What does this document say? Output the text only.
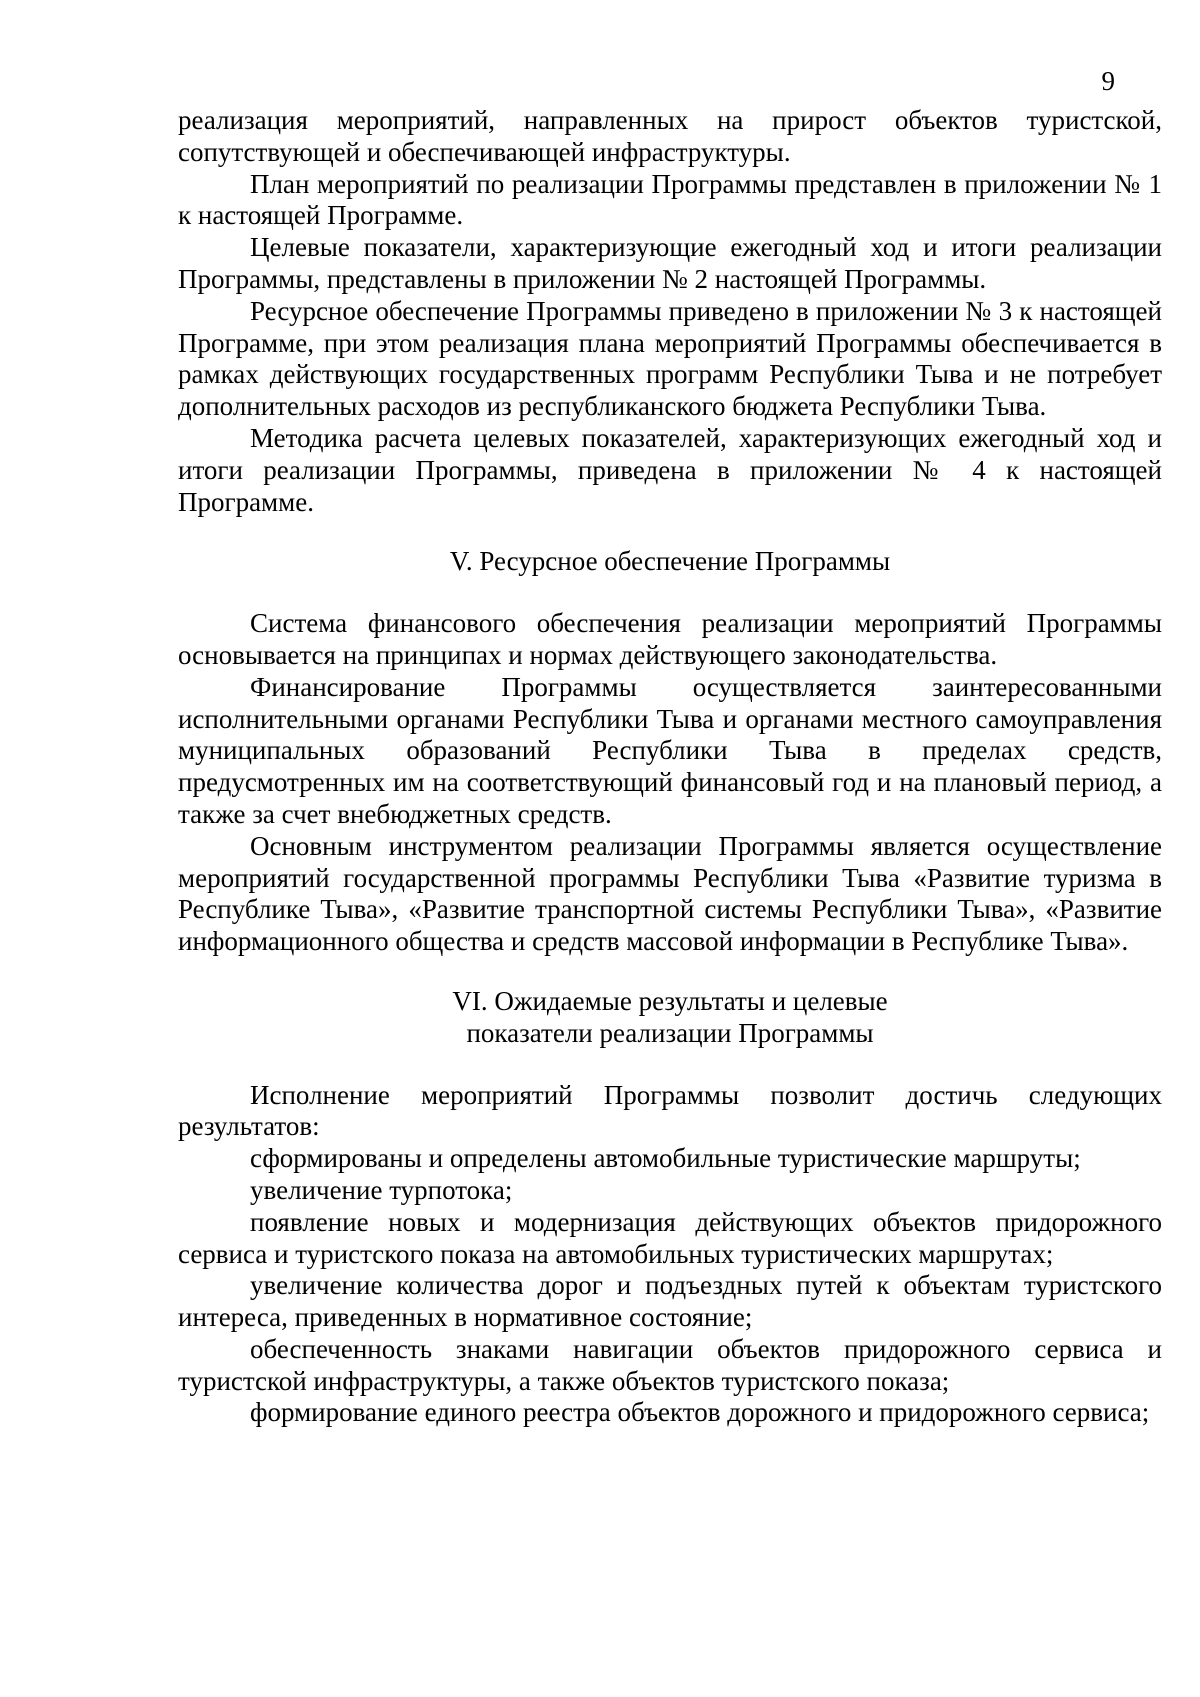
9

реализация мероприятий, направленных на прирост объектов туристской, сопутствующей и обеспечивающей инфраструктуры.

План мероприятий по реализации Программы представлен в приложении № 1 к настоящей Программе.

Целевые показатели, характеризующие ежегодный ход и итоги реализации Программы, представлены в приложении № 2 настоящей Программы.

Ресурсное обеспечение Программы приведено в приложении № 3 к настоящей Программе, при этом реализация плана мероприятий Программы обеспечивается в рамках действующих государственных программ Республики Тыва и не потребует дополнительных расходов из республиканского бюджета Республики Тыва.

Методика расчета целевых показателей, характеризующих ежегодный ход и итоги реализации Программы, приведена в приложении № 4 к настоящей Программе.

V. Ресурсное обеспечение Программы

Система финансового обеспечения реализации мероприятий Программы основывается на принципах и нормах действующего законодательства.

Финансирование Программы осуществляется заинтересованными исполнительными органами Республики Тыва и органами местного самоуправления муниципальных образований Республики Тыва в пределах средств, предусмотренных им на соответствующий финансовый год и на плановый период, а также за счет внебюджетных средств.

Основным инструментом реализации Программы является осуществление мероприятий государственной программы Республики Тыва «Развитие туризма в Республике Тыва», «Развитие транспортной системы Республики Тыва», «Развитие информационного общества и средств массовой информации в Республике Тыва».

VI. Ожидаемые результаты и целевые
показатели реализации Программы

Исполнение мероприятий Программы позволит достичь следующих результатов:

сформированы и определены автомобильные туристические маршруты;

увеличение турпотока;

появление новых и модернизация действующих объектов придорожного сервиса и туристского показа на автомобильных туристических маршрутах;

увеличение количества дорог и подъездных путей к объектам туристского интереса, приведенных в нормативное состояние;

обеспеченность знаками навигации объектов придорожного сервиса и туристской инфраструктуры, а также объектов туристского показа;

формирование единого реестра объектов дорожного и придорожного сервиса;
